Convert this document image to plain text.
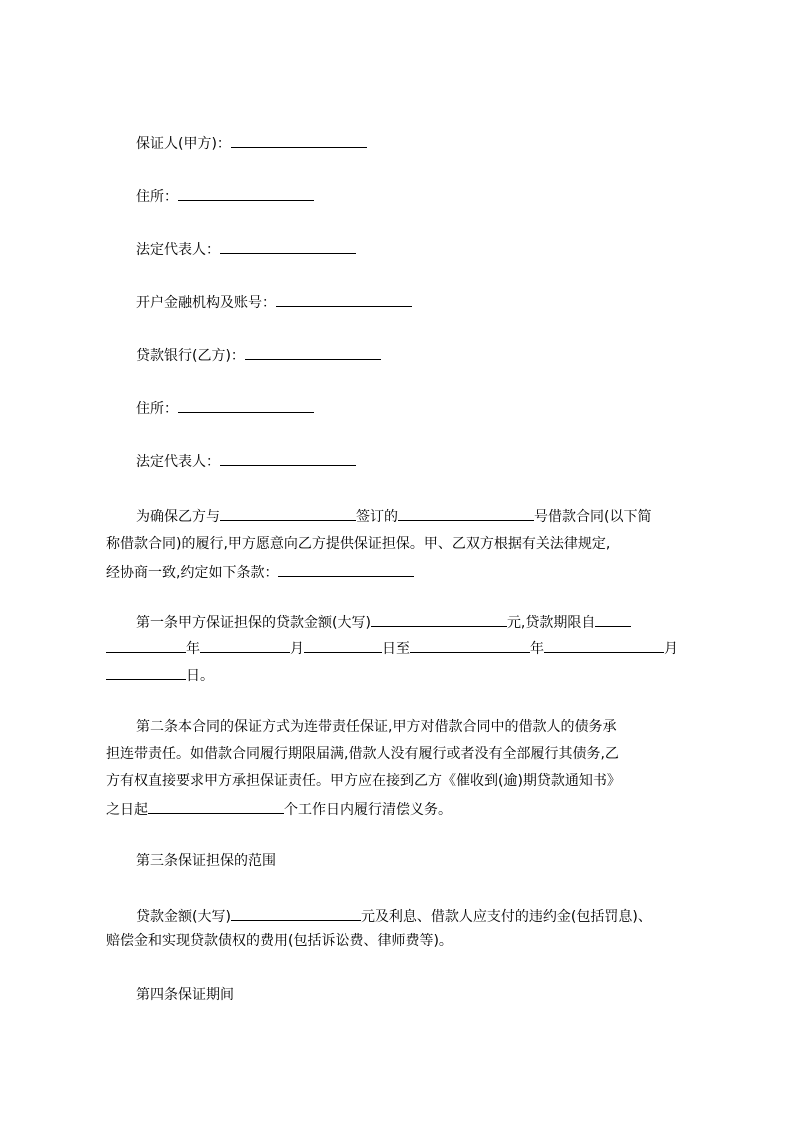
保证人(甲方)：
住所：
法定代表人：
开户金融机构及账号：
贷款银行(乙方)：
住所：
法定代表人：
为确保乙方与	签订的	号借款合同(以下简
称借款合同)的履行,甲方愿意向乙方提供保证担保。甲、乙双方根据有关法律规定,
经协商一致,约定如下条款：
第一条甲方保证担保的贷款金额(大写)	元,贷款期限自
年	月	日至	年	月
日。
第二条本合同的保证方式为连带责任保证,甲方对借款合同中的借款人的债务承
担连带责任。如借款合同履行期限届满,借款人没有履行或者没有全部履行其债务,乙
方有权直接要求甲方承担保证责任。甲方应在接到乙方《催收到(逾)期贷款通知书》
之日起	个工作日内履行清偿义务。
第三条保证担保的范围
贷款金额(大写)	元及利息、借款人应支付的违约金(包括罚息)、
赔偿金和实现贷款债权的费用(包括诉讼费、律师费等)。
第四条保证期间
